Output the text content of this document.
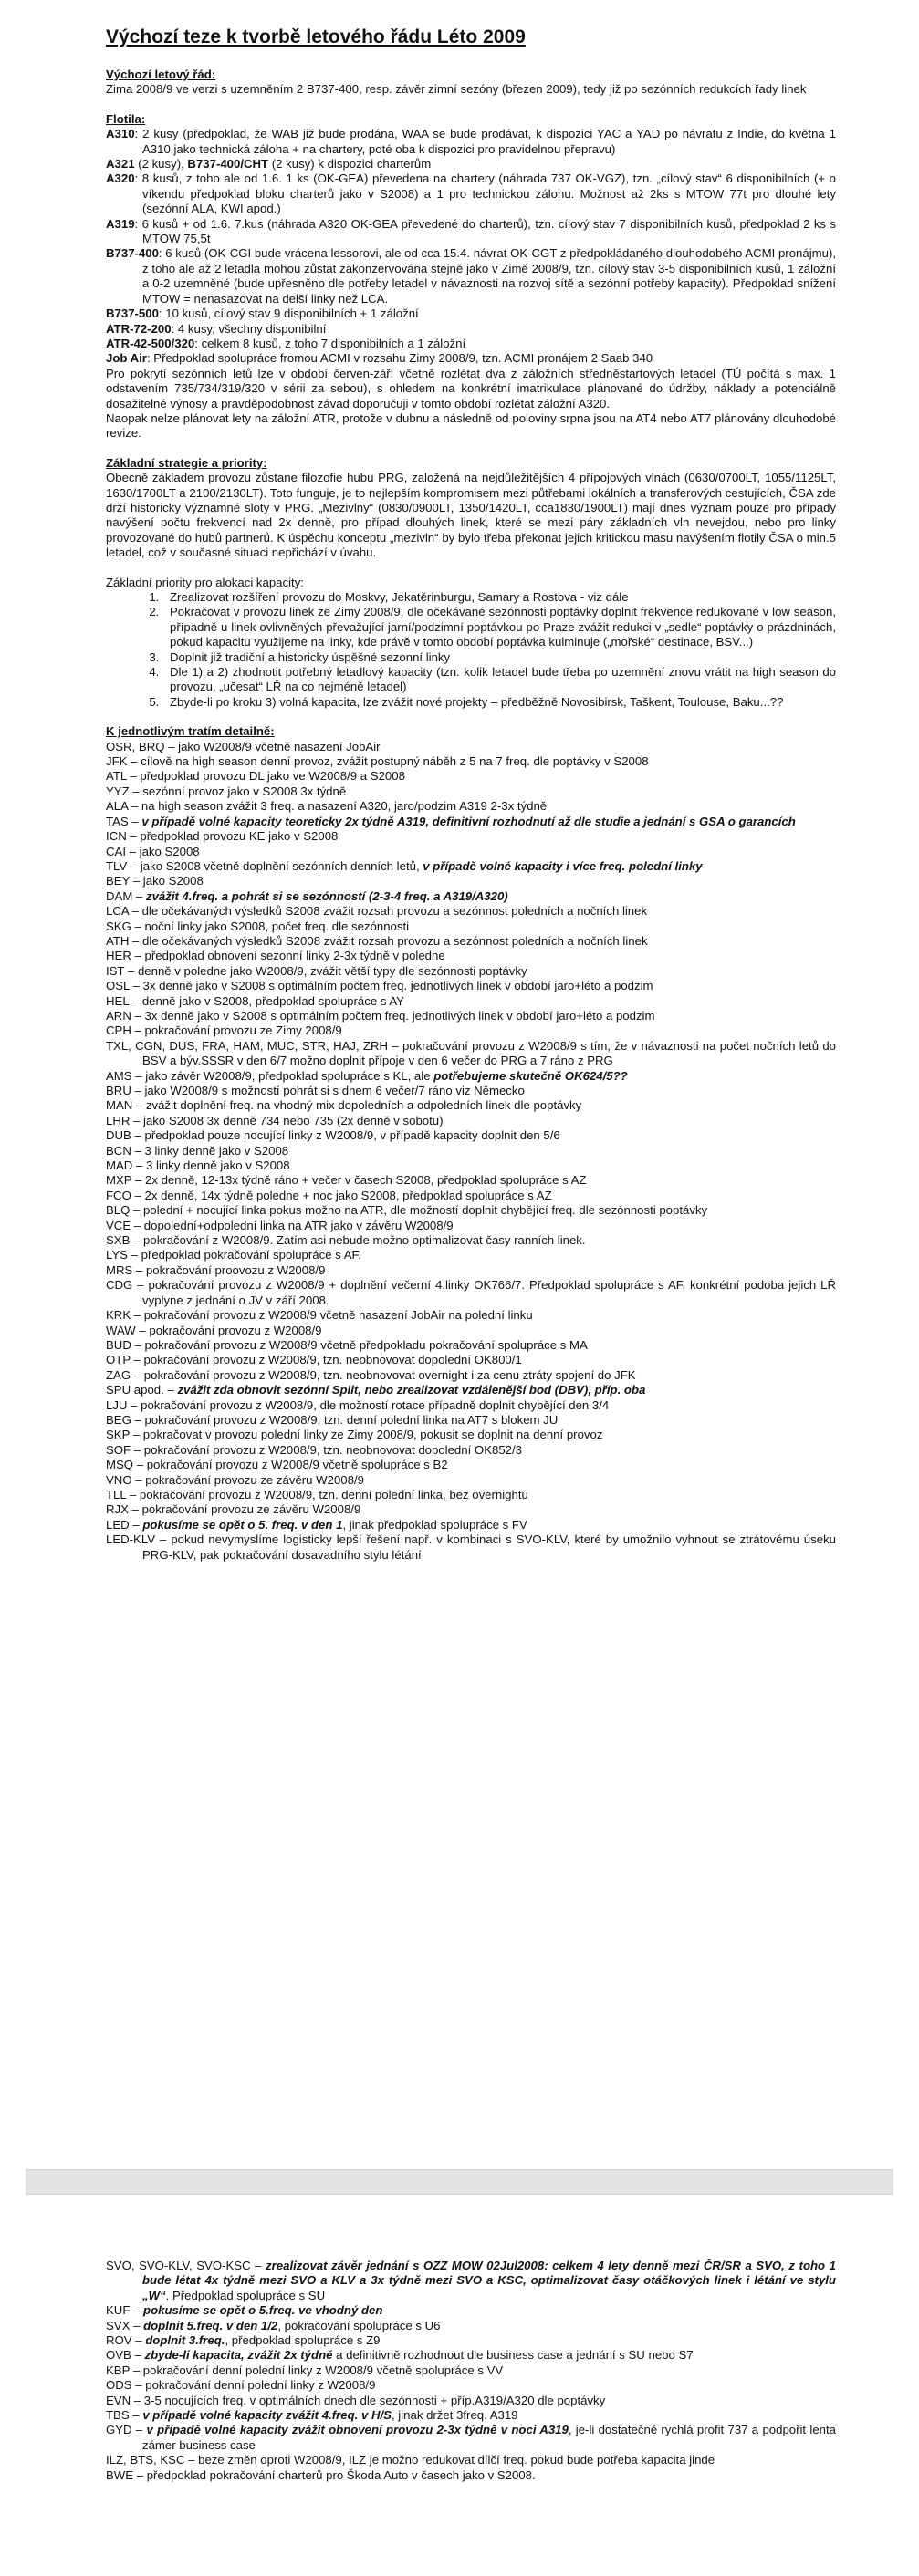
Výchozí teze k tvorbě letového řádu Léto 2009
Výchozí letový řád:

Zima 2008/9 ve verzi s uzemněním 2 B737-400, resp. závěr zimní sezóny (březen 2009), tedy již po sezónních redukcích řady linek

Flotila:

A310: 2 kusy (předpoklad, že WAB již bude prodána, WAA se bude prodávat, k dispozici YAC a YAD po návratu z Indie, do května 1 A310 jako technická záloha + na chartery, poté oba k dispozici pro pravidelnou přepravu)

A321 (2 kusy), B737-400/CHT (2 kusy) k dispozici charterům

A320: 8 kusů, z toho ale od 1.6. 1 ks (OK-GEA) převedena na chartery (náhrada 737 OK-VGZ), tzn. „cílový stav“ 6 disponibilních (+ o víkendu předpoklad bloku charterů jako v S2008) a 1 pro technickou zálohu. Možnost až 2ks s MTOW 77t pro dlouhé lety (sezónní ALA, KWI apod.)

A319: 6 kusů + od 1.6. 7.kus (náhrada A320 OK-GEA převedené do charterů), tzn. cílový stav 7 disponibilních kusů, předpoklad 2 ks s MTOW 75,5t

B737-400: 6 kusů (OK-CGI bude vrácena lessorovi, ale od cca 15.4. návrat OK-CGT z předpokládaného dlouhodobého ACMI pronájmu), z toho ale až 2 letadla mohou zůstat zakonzervována stejně jako v Zimě 2008/9, tzn. cílový stav 3-5 disponibilních kusů, 1 záložní a 0-2 uzemněné (bude upřesněno dle potřeby letadel v návaznosti na rozvoj sítě a sezónní potřeby kapacity). Předpoklad snížení MTOW = nenasazovat na delší linky než LCA.

B737-500: 10 kusů, cílový stav 9 disponibilních + 1 záložní

ATR-72-200: 4 kusy, všechny disponibilní

ATR-42-500/320: celkem 8 kusů, z toho 7 disponibilních a 1 záložní

Job Air: Předpoklad spolupráce fromou ACMI v rozsahu Zimy 2008/9, tzn. ACMI pronájem 2 Saab 340

Pro pokrytí sezónních letů lze v období červen-září včetně rozlétat dva z záložních středněstartových letadel (TÚ počítá s max. 1 odstavením 735/734/319/320 v sérii za sebou), s ohledem na konkrétní imatrikulace plánované do údržby, náklady a potenciálně dosažitelné výnosy a pravděpodobnost závad doporučuji v tomto období rozlétat záložní A320.

Naopak nelze plánovat lety na záložní ATR, protože v dubnu a následně od poloviny srpna jsou na AT4 nebo AT7 plánovány dlouhodobé revize.

Základní strategie a priority:

Obecně základem provozu zůstane filozofie hubu PRG, založená na nejdůležitějších 4 přípojových vlnách (0630/0700LT, 1055/1125LT, 1630/1700LT a 2100/2130LT). Toto funguje, je to nejlepším kompromisem mezi půtřebami lokálních a transferových cestujících, ČSA zde drží historicky významné sloty v PRG. „Mezivlny“ (0830/0900LT, 1350/1420LT, cca1830/1900LT) mají dnes význam pouze pro případy navýšení počtu frekvencí nad 2x denně, pro případ dlouhých linek, které se mezi páry základních vln nevejdou, nebo pro linky provozované do hubů partnerů. K úspěchu konceptu „mezivln“ by bylo třeba překonat jejich kritickou masu navýšením flotily ČSA o min.5 letadel, což v současné situaci nepřichází v úvahu.

Základní priority pro alokaci kapacity:

1. Zrealizovat rozšíření provozu do Moskvy, Jekatěrinburgu, Samary a Rostova - viz dále
2. Pokračovat v provozu linek ze Zimy 2008/9, dle očekávané sezónnosti poptávky doplnit frekvence redukované v low season, případně u linek ovlivněných převažující jarní/podzimní poptávkou po Praze zvážit redukci v „sedle“ poptávky o prázdninách, pokud kapacitu využijeme na linky, kde právě v tomto období poptávka kulminuje („mořské“ destinace, BSV...)
3. Doplnit již tradiční a historicky úspěšné sezonní linky
4. Dle 1) a 2) zhodnotit potřebný letadlový kapacity (tzn. kolik letadel bude třeba po uzemnění znovu vrátit na high season do provozu, „učesat“ LŘ na co nejméně letadel)
5. Zbyde-li po kroku 3) volná kapacita, lze zvážit nové projekty – předběžně Novosibirsk, Taškent, Toulouse, Baku...??
K jednotlivým tratím detailně:

OSR, BRQ – jako W2008/9 včetně nasazení JobAir

JFK – cílově na high season denní provoz, zvážit postupný náběh z 5 na 7 freq. dle poptávky v S2008

ATL – předpoklad provozu DL jako ve W2008/9 a S2008

YYZ – sezónní provoz jako v S2008 3x týdně

ALA – na high season zvážit 3 freq. a nasazení A320, jaro/podzim A319 2-3x týdně

TAS – v případě volné kapacity teoreticky 2x týdně A319, definitivní rozhodnutí až dle studie a jednání s GSA o garancích

ICN – předpoklad provozu KE jako v S2008

CAI – jako S2008

TLV – jako S2008 včetně doplnění sezónních denních letů, v případě volné kapacity i více freq. polední linky

BEY – jako S2008

DAM – zvážit 4.freq. a pohrát si se sezónností (2-3-4 freq. a A319/A320)

LCA – dle očekávaných výsledků S2008 zvážit rozsah provozu a sezónnost poledních a nočních linek

SKG – noční linky jako S2008, počet freq. dle sezónnosti

ATH – dle očekávaných výsledků S2008 zvážit rozsah provozu a sezónnost poledních a nočních linek

HER – předpoklad obnovení sezonní linky 2-3x týdně v poledne

IST – denně v poledne jako W2008/9, zvážit větší typy dle sezónnosti poptávky

OSL – 3x denně jako v S2008 s optimálním počtem freq. jednotlivých linek v období jaro+léto a podzim

HEL – denně jako v S2008, předpoklad spolupráce s AY

ARN – 3x denně jako v S2008 s optimálním počtem freq. jednotlivých linek v období jaro+léto a podzim

CPH – pokračování provozu ze Zimy 2008/9

TXL, CGN, DUS, FRA, HAM, MUC, STR, HAJ, ZRH – pokračování provozu z W2008/9 s tím, že v návaznosti na počet nočních letů do BSV a býv.SSSR v den 6/7 možno doplnit přípoje v den 6 večer do PRG a 7 ráno z PRG

AMS – jako závěr W2008/9, předpoklad spolupráce s KL, ale potřebujeme skutečně OK624/5??

BRU – jako W2008/9 s možností pohrát si s dnem 6 večer/7 ráno viz Německo

MAN – zvážit doplnění freq. na vhodný mix dopoledních a odpoledních linek dle poptávky

LHR – jako S2008 3x denně 734 nebo 735 (2x denně v sobotu)

DUB – předpoklad pouze nocující linky z W2008/9, v případě kapacity doplnit den 5/6

BCN – 3 linky denně jako v S2008

MAD – 3 linky denně jako v S2008

MXP – 2x denně, 12-13x týdně ráno + večer v časech S2008, předpoklad spolupráce s AZ

FCO – 2x denně, 14x týdně poledne + noc jako S2008, předpoklad spolupráce s AZ

BLQ – polední + nocující linka pokus možno na ATR, dle možností doplnit chybějící freq. dle sezónnosti poptávky

VCE – dopolední+odpolední linka na ATR jako v závěru W2008/9

SXB – pokračování z W2008/9. Zatím asi nebude možno optimalizovat časy ranních linek.

LYS – předpoklad pokračování spolupráce s AF.

MRS – pokračování proovozu z W2008/9

CDG – pokračování provozu z W2008/9 + doplnění večerní 4.linky OK766/7. Předpoklad spolupráce s AF, konkrétní podoba jejich LŘ vyplyne z jednání o JV v září 2008.

KRK – pokračování provozu z W2008/9 včetně nasazení JobAir na polední linku

WAW – pokračování provozu z W2008/9

BUD – pokračování provozu z W2008/9 včetně předpokladu pokračování spolupráce s MA

OTP – pokračování provozu z W2008/9, tzn. neobnovovat dopolední OK800/1

ZAG – pokračování provozu z W2008/9, tzn. neobnovovat overnight i za cenu ztráty spojení do JFK

SPU apod. – zvážit zda obnovit sezónní Split, nebo zrealizovat vzdálenější bod (DBV), příp. oba

LJU – pokračování provozu z W2008/9, dle možností rotace případně doplnit chybějící den 3/4

BEG – pokračování provozu z W2008/9, tzn. denní polední linka na AT7 s blokem JU

SKP – pokračovat v provozu polední linky ze Zimy 2008/9, pokusit se doplnit na denní provoz

SOF – pokračování provozu z W2008/9, tzn. neobnovovat dopolední OK852/3

MSQ – pokračování provozu z W2008/9 včetně spolupráce s B2

VNO – pokračování provozu ze závěru W2008/9

TLL – pokračování provozu z W2008/9, tzn. denní polední linka, bez overnightu

RJX – pokračování provozu ze závěru W2008/9

LED – pokusíme se opět o 5. freq. v den 1, jinak předpoklad spolupráce s FV

LED-KLV – pokud nevymyslíme logisticky lepší řešení např. v kombinaci s SVO-KLV, které by umožnilo vyhnout se ztrátovému úseku PRG-KLV, pak pokračování dosavadního stylu létání

SVO, SVO-KLV, SVO-KSC – zrealizovat závěr jednání s OZZ MOW 02Jul2008: celkem 4 lety denně mezi ČR/SR a SVO, z toho 1 bude létat 4x týdně mezi SVO a KLV a 3x týdně mezi SVO a KSC, optimalizovat časy otáčkových linek i létání ve stylu „W“. Předpoklad spolupráce s SU

KUF – pokusíme se opět o 5.freq. ve vhodný den

SVX – doplnit 5.freq. v den 1/2, pokračování spolupráce s U6

ROV – doplnit 3.freq., předpoklad spolupráce s Z9

OVB – zbyde-li kapacita, zvážit 2x týdně a definitivně rozhodnout dle business case a jednání s SU nebo S7

KBP – pokračování denní polední linky z W2008/9 včetně spolupráce s VV

ODS – pokračování denní polední linky z W2008/9

EVN – 3-5 nocujících freq. v optimálních dnech dle sezónnosti + příp.A319/A320 dle poptávky

TBS – v případě volné kapacity zvážit 4.freq. v H/S, jinak držet 3freq. A319

GYD – v případě volné kapacity zvážit obnovení provozu 2-3x týdně v noci A319, je-li dostatečně rychlá profit 737 a podpořit lenta zámer business case

ILZ, BTS, KSC – beze změn oproti W2008/9, ILZ je možno redukovat dílčí freq. pokud bude potřeba kapacita jinde

BWE – předpoklad pokračování charterů pro Škoda Auto v časech jako v S2008.
